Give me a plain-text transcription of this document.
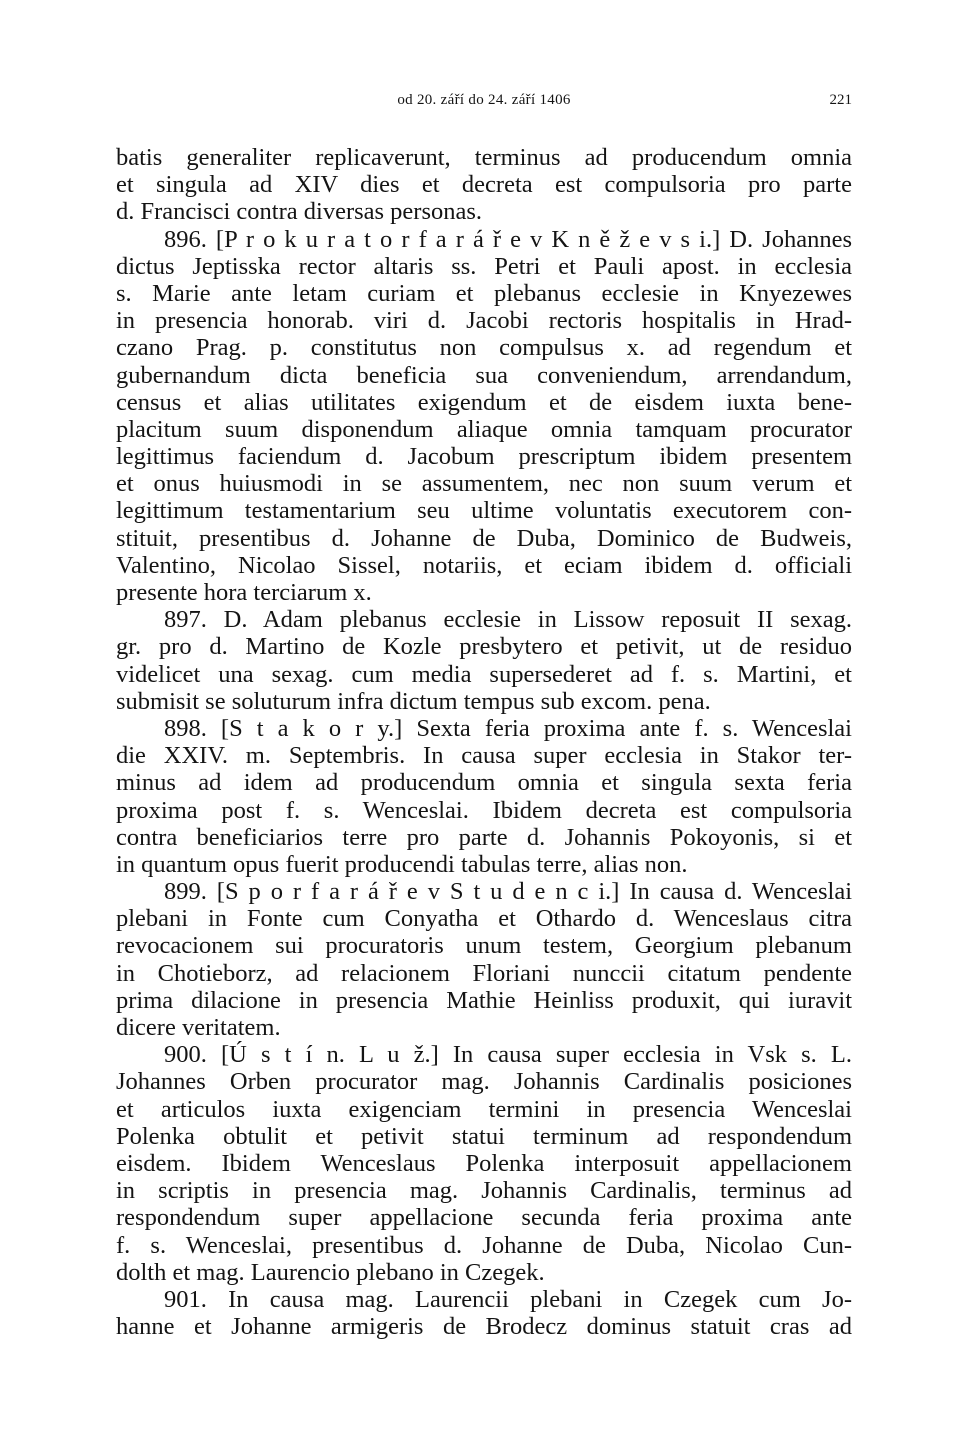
od 20. září do 24. září 1406	221
batis generaliter replicaverunt, terminus ad producendum omnia
et singula ad XIV dies et decreta est compulsoria pro parte
d. Francisci contra diversas personas.
896. [P r o k u r a t o r f a r á ř e v K n ě ž e v s i.] D. Johannes
dictus Jeptisska rector altaris ss. Petri et Pauli apost. in ecclesia
s. Marie ante letam curiam et plebanus ecclesie in Knyezewes
in presencia honorab. viri d. Jacobi rectoris hospitalis in Hrad-
czano Prag. p. constitutus non compulsus x. ad regendum et
gubernandum dicta beneficia sua conveniendum, arrendandum,
census et alias utilitates exigendum et de eisdem iuxta bene-
placitum suum disponendum aliaque omnia tamquam procurator
legittimus faciendum d. Jacobum prescriptum ibidem presentem
et onus huiusmodi in se assumentem, nec non suum verum et
legittimum testamentarium seu ultime voluntatis executorem con-
stituit, presentibus d. Johanne de Duba, Dominico de Budweis,
Valentino, Nicolao Sissel, notariis, et eciam ibidem d. officiali
presente hora terciarum x.
897. D. Adam plebanus ecclesie in Lissow reposuit II sexag.
gr. pro d. Martino de Kozle presbytero et petivit, ut de residuo
videlicet una sexag. cum media supersederet ad f. s. Martini, et
submisit se soluturum infra dictum tempus sub excom. pena.
898. [S t a k o r y.] Sexta feria proxima ante f. s. Wenceslai
die XXIV. m. Septembris. In causa super ecclesia in Stakor ter-
minus ad idem ad producendum omnia et singula sexta feria
proxima post f. s. Wenceslai. Ibidem decreta est compulsoria
contra beneficiarios terre pro parte d. Johannis Pokoyonis, si et
in quantum opus fuerit producendi tabulas terre, alias non.
899. [S p o r f a r á ř e v S t u d e n c i.] In causa d. Wenceslai
plebani in Fonte cum Conyatha et Othardo d. Wenceslaus citra
revocacionem sui procuratoris unum testem, Georgium plebanum
in Chotieborz, ad relacionem Floriani nunccii citatum pendente
prima dilacione in presencia Mathie Heinliss produxit, qui iuravit
dicere veritatem.
900. [Ú s t í n. L u ž.] In causa super ecclesia in Vsk s. L.
Johannes Orben procurator mag. Johannis Cardinalis posiciones
et articulos iuxta exigenciam termini in presencia Wenceslai
Polenka obtulit et petivit statui terminum ad respondendum
eisdem. Ibidem Wenceslaus Polenka interposuit appellacionem
in scriptis in presencia mag. Johannis Cardinalis, terminus ad
respondendum super appellacione secunda feria proxima ante
f. s. Wenceslai, presentibus d. Johanne de Duba, Nicolao Cun-
dolth et mag. Laurencio plebano in Czegek.
901. In causa mag. Laurencii plebani in Czegek cum Jo-
hanne et Johanne armigeris de Brodecz dominus statuit cras ad
